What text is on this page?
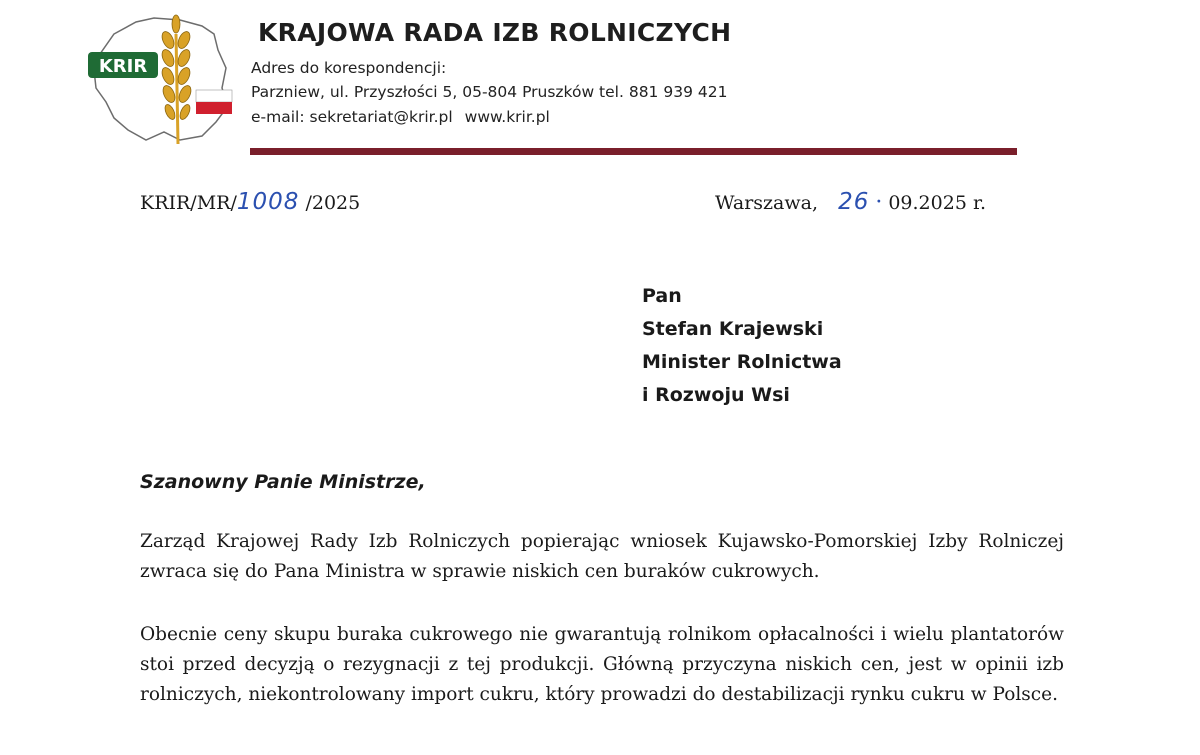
KRIR
KRAJOWA RADA IZB ROLNICZYCH
Adres do korespondencji:
Parzniew, ul. Przyszłości 5, 05-804 Pruszków tel. 881 939 421
e-mail: sekretariat@krir.pl www.krir.pl
KRIR/MR/1008 /2025	Warszawa, 26 · 09.2025 r.
Pan
Stefan Krajewski
Minister Rolnictwa
i Rozwoju Wsi
Szanowny Panie Ministrze,
Zarząd Krajowej Rady Izb Rolniczych popierając wniosek Kujawsko-Pomorskiej Izby Rolniczej zwraca się do Pana Ministra w sprawie niskich cen buraków cukrowych.
Obecnie ceny skupu buraka cukrowego nie gwarantują rolnikom opłacalności i wielu plantatorów stoi przed decyzją o rezygnacji z tej produkcji. Główną przyczyna niskich cen, jest w opinii izb rolniczych, niekontrolowany import cukru, który prowadzi do destabilizacji rynku cukru w Polsce.
